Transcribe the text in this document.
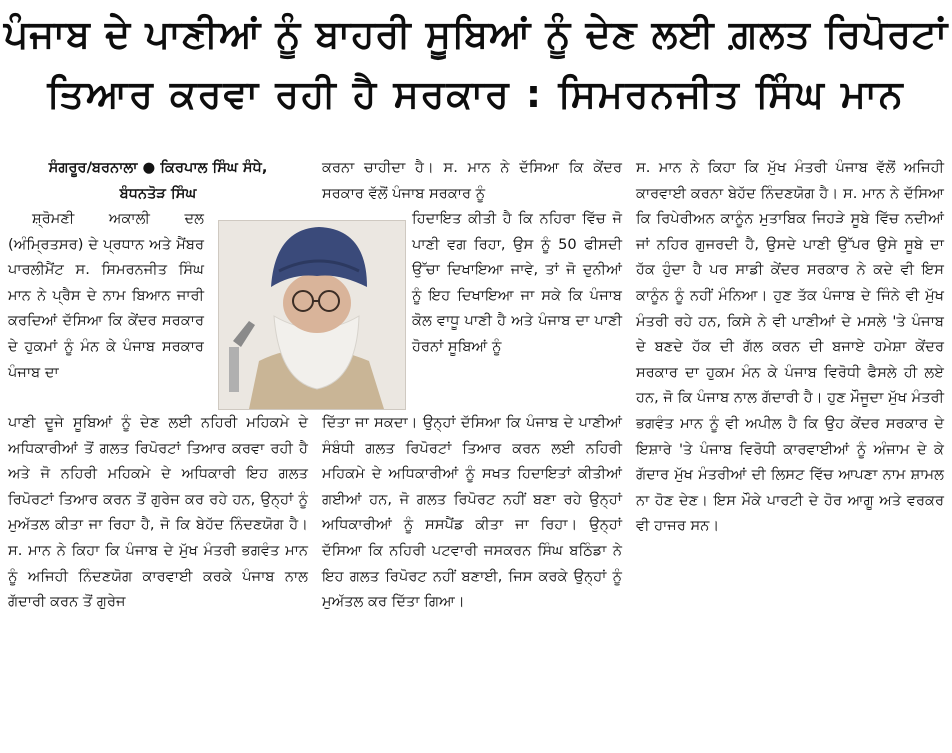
ਪੰਜਾਬ ਦੇ ਪਾਣੀਆਂ ਨੂੰ ਬਾਹਰੀ ਸੂਬਿਆਂ ਨੂੰ ਦੇਣ ਲਈ ਗ਼ਲਤ ਰਿਪੋਰਟਾਂ
ਤਿਆਰ ਕਰਵਾ ਰਹੀ ਹੈ ਸਰਕਾਰ : ਸਿਮਰਨਜੀਤ ਸਿੰਘ ਮਾਨ

ਸੰਗਰੂਰ/ਬਰਨਾਲਾ ● ਕਿਰਪਾਲ ਸਿੰਘ ਸੰਧੇ,
ਬੰਧਨਤੋੜ ਸਿੰਘ

ਸ਼੍ਰੋਮਣੀ ਅਕਾਲੀ ਦਲ (ਅੰਮ੍ਰਿਤਸਰ) ਦੇ ਪ੍ਰਧਾਨ ਅਤੇ ਮੈਂਬਰ ਪਾਰਲੀਮੈਂਟ ਸ. ਸਿਮਰਨਜੀਤ ਸਿੰਘ ਮਾਨ ਨੇ ਪ੍ਰੈਸ ਦੇ ਨਾਮ ਬਿਆਨ ਜਾਰੀ ਕਰਦਿਆਂ ਦੱਸਿਆ ਕਿ ਕੇਂਦਰ ਸਰਕਾਰ ਦੇ ਹੁਕਮਾਂ ਨੂੰ ਮੰਨ ਕੇ ਪੰਜਾਬ ਸਰਕਾਰ ਪੰਜਾਬ ਦਾ

ਪਾਣੀ ਦੂਜੇ ਸੂਬਿਆਂ ਨੂੰ ਦੇਣ ਲਈ ਨਹਿਰੀ ਮਹਿਕਮੇ ਦੇ ਅਧਿਕਾਰੀਆਂ ਤੋਂ ਗਲਤ ਰਿਪੋਰਟਾਂ ਤਿਆਰ ਕਰਵਾ ਰਹੀ ਹੈ ਅਤੇ ਜੋ ਨਹਿਰੀ ਮਹਿਕਮੇ ਦੇ ਅਧਿਕਾਰੀ ਇਹ ਗਲਤ ਰਿਪੋਰਟਾਂ ਤਿਆਰ ਕਰਨ ਤੋਂ ਗੁਰੇਜ ਕਰ ਰਹੇ ਹਨ, ਉਨ੍ਹਾਂ ਨੂੰ ਮੁਅੱਤਲ ਕੀਤਾ ਜਾ ਰਿਹਾ ਹੈ, ਜੋ ਕਿ ਬੇਹੱਦ ਨਿੰਦਣਯੋਗ ਹੈ। ਸ. ਮਾਨ ਨੇ ਕਿਹਾ ਕਿ ਪੰਜਾਬ ਦੇ ਮੁੱਖ ਮੰਤਰੀ ਭਗਵੰਤ ਮਾਨ ਨੂੰ ਅਜਿਹੀ ਨਿੰਦਣਯੋਗ ਕਾਰਵਾਈ ਕਰਕੇ ਪੰਜਾਬ ਨਾਲ ਗੱਦਾਰੀ ਕਰਨ ਤੋਂ ਗੁਰੇਜ

ਕਰਨਾ ਚਾਹੀਦਾ ਹੈ। ਸ. ਮਾਨ ਨੇ ਦੱਸਿਆ ਕਿ ਕੇਂਦਰ ਸਰਕਾਰ ਵੱਲੋਂ ਪੰਜਾਬ ਸਰਕਾਰ ਨੂੰ

ਹਿਦਾਇਤ ਕੀਤੀ ਹੈ ਕਿ ਨਹਿਰਾ ਵਿੱਚ ਜੋ ਪਾਣੀ ਵਗ ਰਿਹਾ, ਉਸ ਨੂੰ 50 ਫੀਸਦੀ ਉੱਚਾ ਦਿਖਾਇਆ ਜਾਵੇ, ਤਾਂ ਜੋ ਦੁਨੀਆਂ ਨੂੰ ਇਹ ਦਿਖਾਇਆ ਜਾ ਸਕੇ ਕਿ ਪੰਜਾਬ ਕੋਲ ਵਾਧੂ ਪਾਣੀ ਹੈ ਅਤੇ ਪੰਜਾਬ ਦਾ ਪਾਣੀ ਹੋਰਨਾਂ ਸੂਬਿਆਂ ਨੂੰ

ਦਿੱਤਾ ਜਾ ਸਕਦਾ। ਉਨ੍ਹਾਂ ਦੱਸਿਆ ਕਿ ਪੰਜਾਬ ਦੇ ਪਾਣੀਆਂ ਸੰਬੰਧੀ ਗਲਤ ਰਿਪੋਰਟਾਂ ਤਿਆਰ ਕਰਨ ਲਈ ਨਹਿਰੀ ਮਹਿਕਮੇ ਦੇ ਅਧਿਕਾਰੀਆਂ ਨੂੰ ਸਖਤ ਹਿਦਾਇਤਾਂ ਕੀਤੀਆਂ ਗਈਆਂ ਹਨ, ਜੋ ਗਲਤ ਰਿਪੋਰਟ ਨਹੀਂ ਬਣਾ ਰਹੇ ਉਨ੍ਹਾਂ ਅਧਿਕਾਰੀਆਂ ਨੂੰ ਸਸਪੈਂਡ ਕੀਤਾ ਜਾ ਰਿਹਾ। ਉਨ੍ਹਾਂ ਦੱਸਿਆ ਕਿ ਨਹਿਰੀ ਪਟਵਾਰੀ ਜਸਕਰਨ ਸਿੰਘ ਬਠਿੰਡਾ ਨੇ ਇਹ ਗਲਤ ਰਿਪੋਰਟ ਨਹੀਂ ਬਣਾਈ, ਜਿਸ ਕਰਕੇ ਉਨ੍ਹਾਂ ਨੂੰ ਮੁਅੱਤਲ ਕਰ ਦਿੱਤਾ ਗਿਆ।

ਸ. ਮਾਨ ਨੇ ਕਿਹਾ ਕਿ ਮੁੱਖ ਮੰਤਰੀ ਪੰਜਾਬ ਵੱਲੋਂ ਅਜਿਹੀ ਕਾਰਵਾਈ ਕਰਨਾ ਬੇਹੱਦ ਨਿੰਦਣਯੋਗ ਹੈ। ਸ. ਮਾਨ ਨੇ ਦੱਸਿਆ ਕਿ ਰਿਪੇਰੀਅਨ ਕਾਨੂੰਨ ਮੁਤਾਬਿਕ ਜਿਹੜੇ ਸੂਬੇ ਵਿੱਚ ਨਦੀਆਂ ਜਾਂ ਨਹਿਰ ਗੁਜਰਦੀ ਹੈ, ਉਸਦੇ ਪਾਣੀ ਉੱਪਰ ਉਸੇ ਸੂਬੇ ਦਾ ਹੱਕ ਹੁੰਦਾ ਹੈ ਪਰ ਸਾਡੀ ਕੇਂਦਰ ਸਰਕਾਰ ਨੇ ਕਦੇ ਵੀ ਇਸ ਕਾਨੂੰਨ ਨੂੰ ਨਹੀਂ ਮੰਨਿਆ। ਹੁਣ ਤੱਕ ਪੰਜਾਬ ਦੇ ਜਿੰਨੇ ਵੀ ਮੁੱਖ ਮੰਤਰੀ ਰਹੇ ਹਨ, ਕਿਸੇ ਨੇ ਵੀ ਪਾਣੀਆਂ ਦੇ ਮਸਲੇ 'ਤੇ ਪੰਜਾਬ ਦੇ ਬਣਦੇ ਹੱਕ ਦੀ ਗੱਲ ਕਰਨ ਦੀ ਬਜਾਏ ਹਮੇਸ਼ਾ ਕੇਂਦਰ ਸਰਕਾਰ ਦਾ ਹੁਕਮ ਮੰਨ ਕੇ ਪੰਜਾਬ ਵਿਰੋਧੀ ਫੈਸਲੇ ਹੀ ਲਏ ਹਨ, ਜੋ ਕਿ ਪੰਜਾਬ ਨਾਲ ਗੱਦਾਰੀ ਹੈ। ਹੁਣ ਮੌਜੂਦਾ ਮੁੱਖ ਮੰਤਰੀ ਭਗਵੰਤ ਮਾਨ ਨੂੰ ਵੀ ਅਪੀਲ ਹੈ ਕਿ ਉਹ ਕੇਂਦਰ ਸਰਕਾਰ ਦੇ ਇਸ਼ਾਰੇ 'ਤੇ ਪੰਜਾਬ ਵਿਰੋਧੀ ਕਾਰਵਾਈਆਂ ਨੂੰ ਅੰਜਾਮ ਦੇ ਕੇ ਗੱਦਾਰ ਮੁੱਖ ਮੰਤਰੀਆਂ ਦੀ ਲਿਸਟ ਵਿੱਚ ਆਪਣਾ ਨਾਮ ਸ਼ਾਮਲ ਨਾ ਹੋਣ ਦੇਣ। ਇਸ ਮੌਕੇ ਪਾਰਟੀ ਦੇ ਹੋਰ ਆਗੂ ਅਤੇ ਵਰਕਰ ਵੀ ਹਾਜਰ ਸਨ।
